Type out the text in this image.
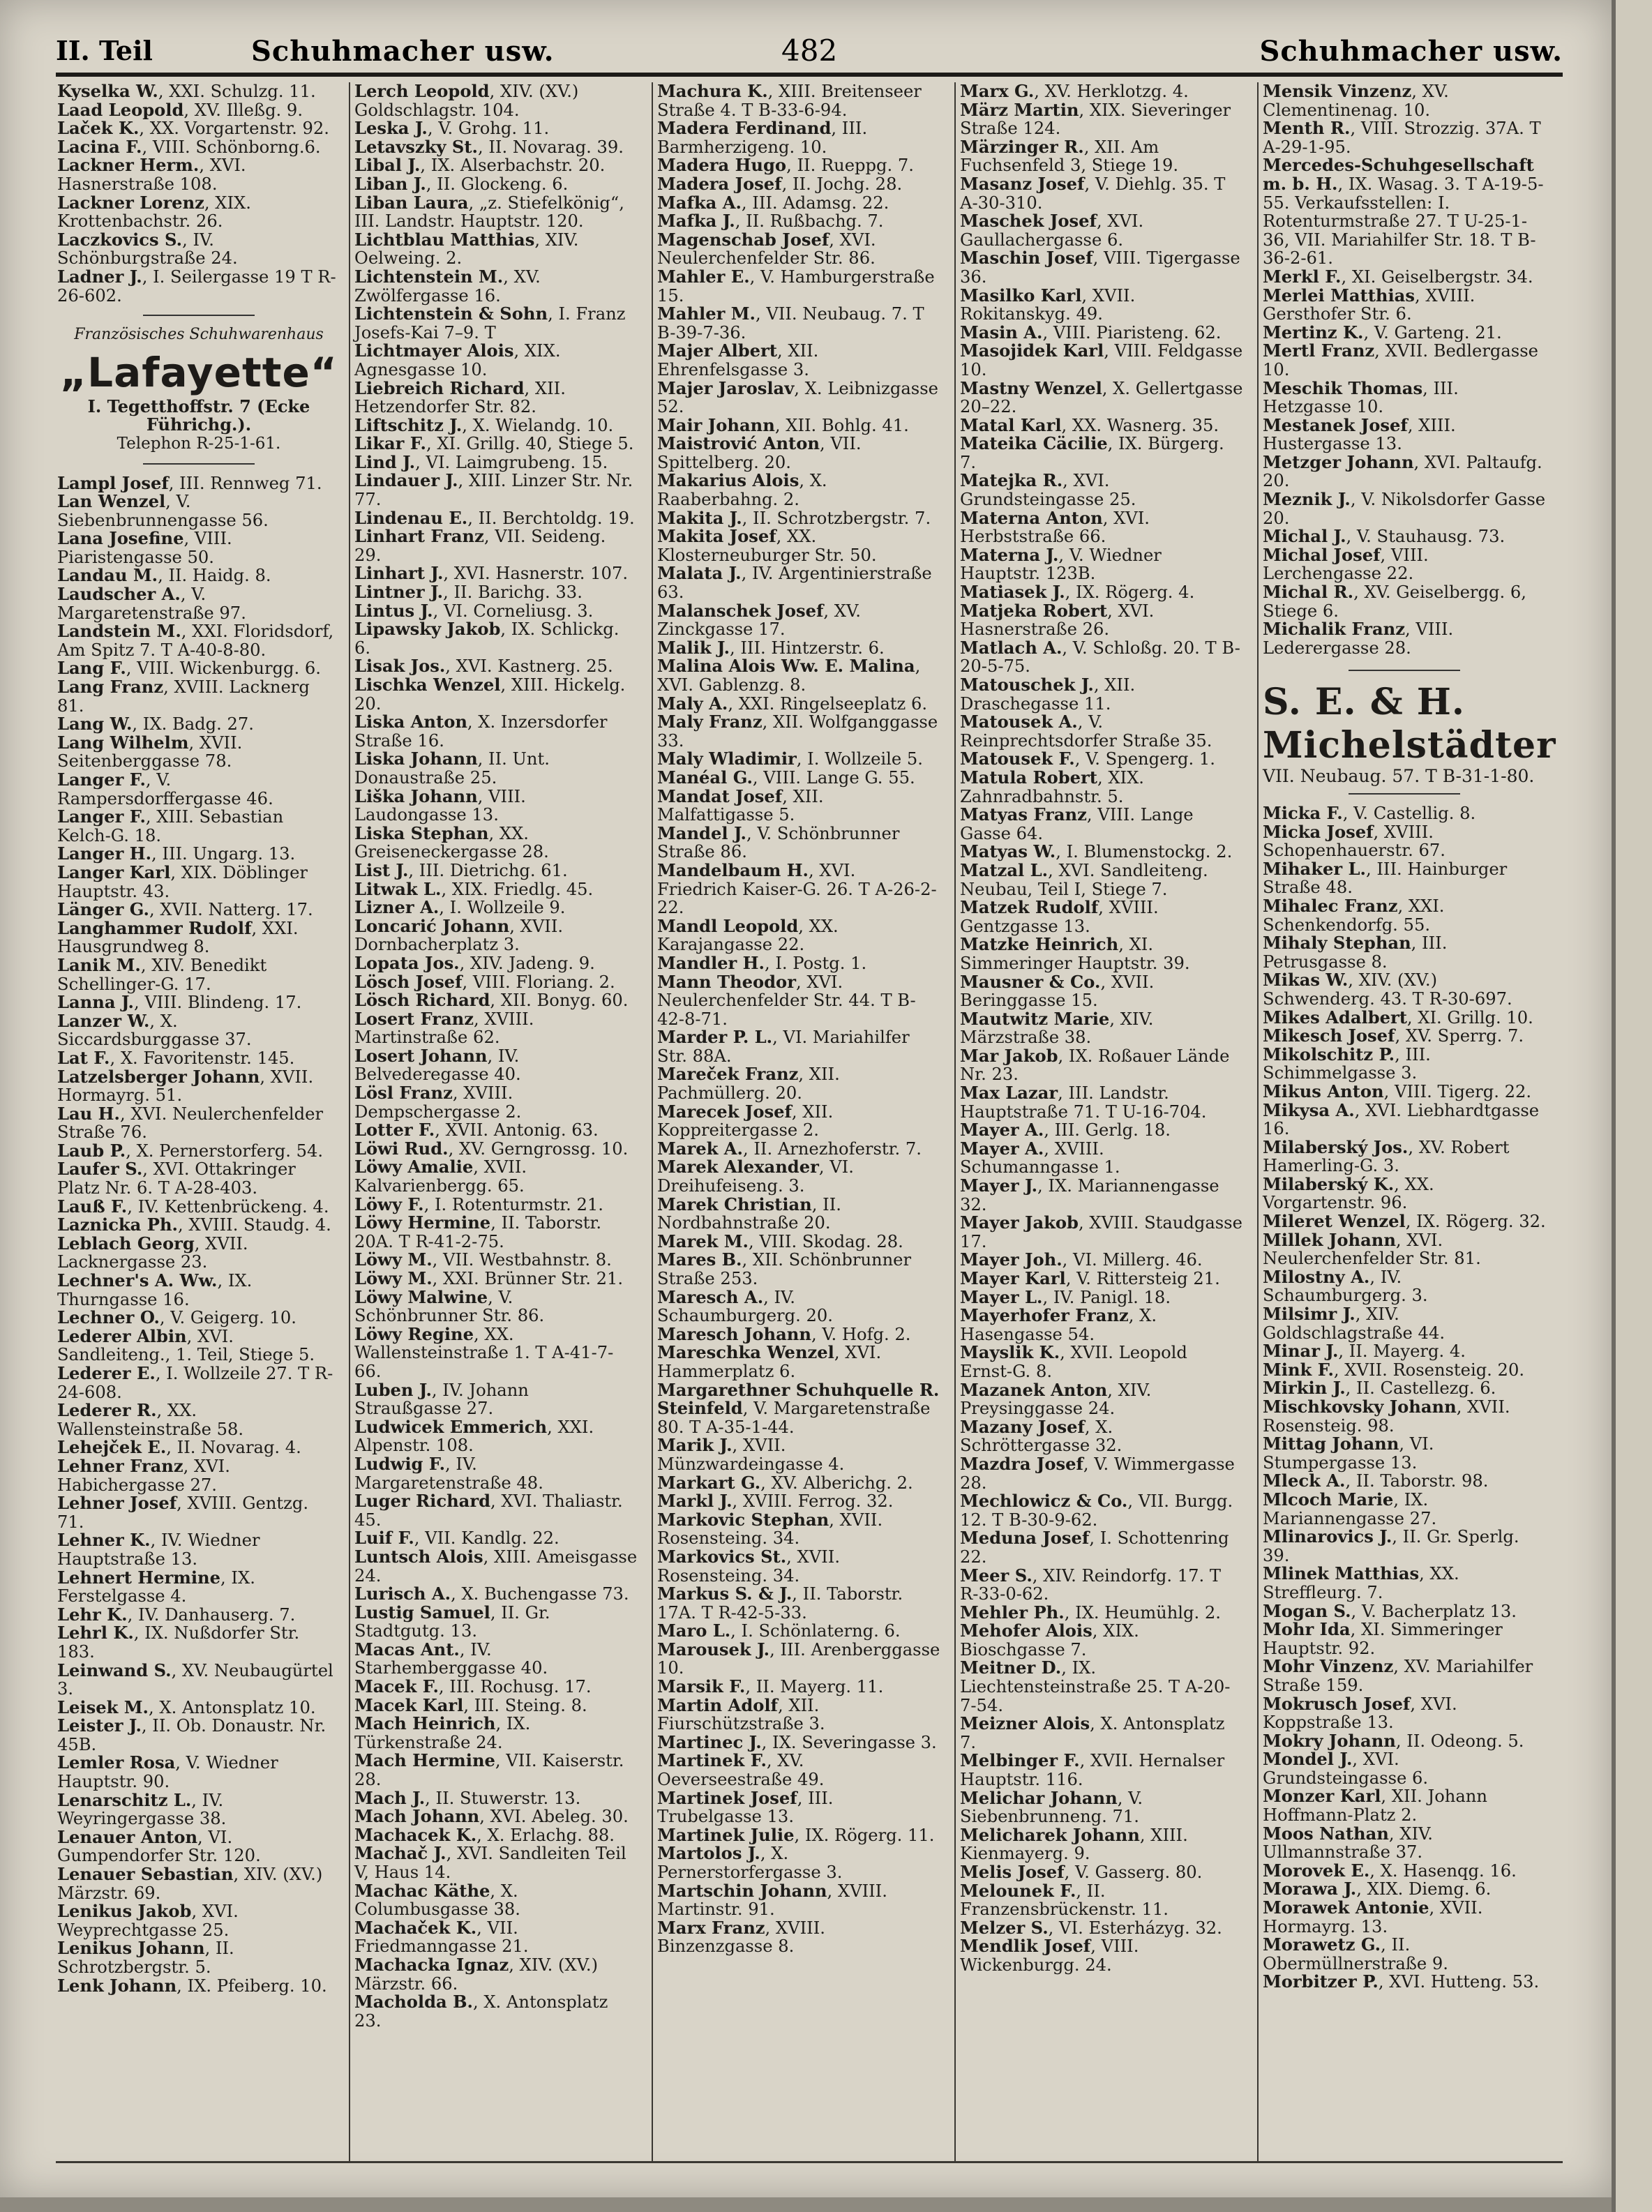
II. Teil	Schuhmacher usw.	482	Schuhmacher usw.
Kyselka W., XXI. Schulzg. 11.
Laad Leopold, XV. Illeßg. 9.
Laček K., XX. Vorgartenstr. 92.
Lacina F., VIII. Schönborng.6.
Lackner Herm., XVI. Hasnerstraße 108.
Lackner Lorenz, XIX. Krottenbachstr. 26.
Laczkovics S., IV. Schönburgstraße 24.
Ladner J., I. Seilergasse 19 T R-26-602.
Französisches Schuhwarenhaus
„Lafayette“
I. Tegetthoffstr. 7 (Ecke Führichg.).
Telephon R-25-1-61.
Lampl Josef, III. Rennweg 71.
Lan Wenzel, V. Siebenbrunnengasse 56.
Lana Josefine, VIII. Piaristengasse 50.
Landau M., II. Haidg. 8.
Laudscher A., V. Margaretenstraße 97.
Landstein M., XXI. Floridsdorf, Am Spitz 7. T A-40-8-80.
Lang F., VIII. Wickenburgg. 6.
Lang Franz, XVIII. Lacknerg 81.
Lang W., IX. Badg. 27.
Lang Wilhelm, XVII. Seitenberggasse 78.
Langer F., V. Rampersdorffergasse 46.
Langer F., XIII. Sebastian Kelch-G. 18.
Langer H., III. Ungarg. 13.
Langer Karl, XIX. Döblinger Hauptstr. 43.
Länger G., XVII. Natterg. 17.
Langhammer Rudolf, XXI. Hausgrundweg 8.
Lanik M., XIV. Benedikt Schellinger-G. 17.
Lanna J., VIII. Blindeng. 17.
Lanzer W., X. Siccardsburggasse 37.
Lat F., X. Favoritenstr. 145.
Latzelsberger Johann, XVII. Hormayrg. 51.
Lau H., XVI. Neulerchenfelder Straße 76.
Laub P., X. Pernerstorferg. 54.
Laufer S., XVI. Ottakringer Platz Nr. 6. T A-28-403.
Lauß F., IV. Kettenbrückeng. 4.
Laznicka Ph., XVIII. Staudg. 4.
Leblach Georg, XVII. Lacknergasse 23.
Lechner's A. Ww., IX. Thurngasse 16.
Lechner O., V. Geigerg. 10.
Lederer Albin, XVI. Sandleiteng., 1. Teil, Stiege 5.
Lederer E., I. Wollzeile 27. T R-24-608.
Lederer R., XX. Wallensteinstraße 58.
Lehejček E., II. Novarag. 4.
Lehner Franz, XVI. Habichergasse 27.
Lehner Josef, XVIII. Gentzg. 71.
Lehner K., IV. Wiedner Hauptstraße 13.
Lehnert Hermine, IX. Ferstelgasse 4.
Lehr K., IV. Danhauserg. 7.
Lehrl K., IX. Nußdorfer Str. 183.
Leinwand S., XV. Neubaugürtel 3.
Leisek M., X. Antonsplatz 10.
Leister J., II. Ob. Donaustr. Nr. 45B.
Lemler Rosa, V. Wiedner Hauptstr. 90.
Lenarschitz L., IV. Weyringergasse 38.
Lenauer Anton, VI. Gumpendorfer Str. 120.
Lenauer Sebastian, XIV. (XV.) Märzstr. 69.
Lenikus Jakob, XVI. Weyprechtgasse 25.
Lenikus Johann, II. Schrotzbergstr. 5.
Lenk Johann, IX. Pfeiberg. 10.
Lerch Leopold, XIV. (XV.) Goldschlagstr. 104.
Leska J., V. Grohg. 11.
Letavszky St., II. Novarag. 39.
Libal J., IX. Alserbachstr. 20.
Liban J., II. Glockeng. 6.
Liban Laura, „z. Stiefelkönig“, III. Landstr. Hauptstr. 120.
Lichtblau Matthias, XIV. Oelweing. 2.
Lichtenstein M., XV. Zwölfergasse 16.
Lichtenstein & Sohn, I. Franz Josefs-Kai 7–9. T
Lichtmayer Alois, XIX. Agnesgasse 10.
Liebreich Richard, XII. Hetzendorfer Str. 82.
Liftschitz J., X. Wielandg. 10.
Likar F., XI. Grillg. 40, Stiege 5.
Lind J., VI. Laimgrubeng. 15.
Lindauer J., XIII. Linzer Str. Nr. 77.
Lindenau E., II. Berchtoldg. 19.
Linhart Franz, VII. Seideng. 29.
Linhart J., XVI. Hasnerstr. 107.
Lintner J., II. Barichg. 33.
Lintus J., VI. Corneliusg. 3.
Lipawsky Jakob, IX. Schlickg. 6.
Lisak Jos., XVI. Kastnerg. 25.
Lischka Wenzel, XIII. Hickelg. 20.
Liska Anton, X. Inzersdorfer Straße 16.
Liska Johann, II. Unt. Donaustraße 25.
Liška Johann, VIII. Laudongasse 13.
Liska Stephan, XX. Greiseneckergasse 28.
List J., III. Dietrichg. 61.
Litwak L., XIX. Friedlg. 45.
Lizner A., I. Wollzeile 9.
Loncarić Johann, XVII. Dornbacherplatz 3.
Lopata Jos., XIV. Jadeng. 9.
Lösch Josef, VIII. Floriang. 2.
Lösch Richard, XII. Bonyg. 60.
Losert Franz, XVIII. Martinstraße 62.
Losert Johann, IV. Belvederegasse 40.
Lösl Franz, XVIII. Dempschergasse 2.
Lotter F., XVII. Antonig. 63.
Löwi Rud., XV. Gerngrossg. 10.
Löwy Amalie, XVII. Kalvarienbergg. 65.
Löwy F., I. Rotenturmstr. 21.
Löwy Hermine, II. Taborstr. 20A. T R-41-2-75.
Löwy M., VII. Westbahnstr. 8.
Löwy M., XXI. Brünner Str. 21.
Löwy Malwine, V. Schönbrunner Str. 86.
Löwy Regine, XX. Wallensteinstraße 1. T A-41-7-66.
Luben J., IV. Johann Straußgasse 27.
Ludwicek Emmerich, XXI. Alpenstr. 108.
Ludwig F., IV. Margaretenstraße 48.
Luger Richard, XVI. Thaliastr. 45.
Luif F., VII. Kandlg. 22.
Luntsch Alois, XIII. Ameisgasse 24.
Lurisch A., X. Buchengasse 73.
Lustig Samuel, II. Gr. Stadtgutg. 13.
Macas Ant., IV. Starhemberggasse 40.
Macek F., III. Rochusg. 17.
Macek Karl, III. Steing. 8.
Mach Heinrich, IX. Türkenstraße 24.
Mach Hermine, VII. Kaiserstr. 28.
Mach J., II. Stuwerstr. 13.
Mach Johann, XVI. Abeleg. 30.
Machacek K., X. Erlachg. 88.
Machač J., XVI. Sandleiten Teil V, Haus 14.
Machac Käthe, X. Columbusgasse 38.
Machaček K., VII. Friedmanngasse 21.
Machacka Ignaz, XIV. (XV.) Märzstr. 66.
Macholda B., X. Antonsplatz 23.
Machura K., XIII. Breitenseer Straße 4. T B-33-6-94.
Madera Ferdinand, III. Barmherzigeng. 10.
Madera Hugo, II. Rueppg. 7.
Madera Josef, II. Jochg. 28.
Mafka A., III. Adamsg. 22.
Mafka J., II. Rußbachg. 7.
Magenschab Josef, XVI. Neulerchenfelder Str. 86.
Mahler E., V. Hamburgerstraße 15.
Mahler M., VII. Neubaug. 7. T B-39-7-36.
Majer Albert, XII. Ehrenfelsgasse 3.
Majer Jaroslav, X. Leibnizgasse 52.
Mair Johann, XII. Bohlg. 41.
Maistrović Anton, VII. Spittelberg. 20.
Makarius Alois, X. Raaberbahng. 2.
Makita J., II. Schrotzbergstr. 7.
Makita Josef, XX. Klosterneuburger Str. 50.
Malata J., IV. Argentinierstraße 63.
Malanschek Josef, XV. Zinckgasse 17.
Malik J., III. Hintzerstr. 6.
Malina Alois Ww. E. Malina, XVI. Gablenzg. 8.
Maly A., XXI. Ringelseeplatz 6.
Maly Franz, XII. Wolfganggasse 33.
Maly Wladimir, I. Wollzeile 5.
Manéal G., VIII. Lange G. 55.
Mandat Josef, XII. Malfattigasse 5.
Mandel J., V. Schönbrunner Straße 86.
Mandelbaum H., XVI. Friedrich Kaiser-G. 26. T A-26-2-22.
Mandl Leopold, XX. Karajangasse 22.
Mandler H., I. Postg. 1.
Mann Theodor, XVI. Neulerchenfelder Str. 44. T B-42-8-71.
Marder P. L., VI. Mariahilfer Str. 88A.
Mareček Franz, XII. Pachmüllerg. 20.
Marecek Josef, XII. Koppreitergasse 2.
Marek A., II. Arnezhoferstr. 7.
Marek Alexander, VI. Dreihufeiseng. 3.
Marek Christian, II. Nordbahnstraße 20.
Marek M., VIII. Skodag. 28.
Mares B., XII. Schönbrunner Straße 253.
Maresch A., IV. Schaumburgerg. 20.
Maresch Johann, V. Hofg. 2.
Mareschka Wenzel, XVI. Hammerplatz 6.
Margarethner Schuhquelle R. Steinfeld, V. Margaretenstraße 80. T A-35-1-44.
Marik J., XVII. Münzwardeingasse 4.
Markart G., XV. Alberichg. 2.
Markl J., XVIII. Ferrog. 32.
Markovic Stephan, XVII. Rosensteing. 34.
Markovics St., XVII. Rosensteing. 34.
Markus S. & J., II. Taborstr. 17A. T R-42-5-33.
Maro L., I. Schönlaterng. 6.
Marousek J., III. Arenberggasse 10.
Marsik F., II. Mayerg. 11.
Martin Adolf, XII. Fiurschützstraße 3.
Martinec J., IX. Severingasse 3.
Martinek F., XV. Oeverseestraße 49.
Martinek Josef, III. Trubelgasse 13.
Martinek Julie, IX. Rögerg. 11.
Martolos J., X. Pernerstorfergasse 3.
Martschin Johann, XVIII. Martinstr. 91.
Marx Franz, XVIII. Binzenzgasse 8.
Marx G., XV. Herklotzg. 4.
März Martin, XIX. Sieveringer Straße 124.
Märzinger R., XII. Am Fuchsenfeld 3, Stiege 19.
Masanz Josef, V. Diehlg. 35. T A-30-310.
Maschek Josef, XVI. Gaullachergasse 6.
Maschin Josef, VIII. Tigergasse 36.
Masilko Karl, XVII. Rokitanskyg. 49.
Masin A., VIII. Piaristeng. 62.
Masojidek Karl, VIII. Feldgasse 10.
Mastny Wenzel, X. Gellertgasse 20–22.
Matal Karl, XX. Wasnerg. 35.
Mateika Cäcilie, IX. Bürgerg. 7.
Matejka R., XVI. Grundsteingasse 25.
Materna Anton, XVI. Herbststraße 66.
Materna J., V. Wiedner Hauptstr. 123B.
Matiasek J., IX. Rögerg. 4.
Matjeka Robert, XVI. Hasnerstraße 26.
Matlach A., V. Schloßg. 20. T B-20-5-75.
Matouschek J., XII. Draschegasse 11.
Matousek A., V. Reinprechtsdorfer Straße 35.
Matousek F., V. Spengerg. 1.
Matula Robert, XIX. Zahnradbahnstr. 5.
Matyas Franz, VIII. Lange Gasse 64.
Matyas W., I. Blumenstockg. 2.
Matzal L., XVI. Sandleiteng. Neubau, Teil I, Stiege 7.
Matzek Rudolf, XVIII. Gentzgasse 13.
Matzke Heinrich, XI. Simmeringer Hauptstr. 39.
Mausner & Co., XVII. Beringgasse 15.
Mautwitz Marie, XIV. Märzstraße 38.
Mar Jakob, IX. Roßauer Lände Nr. 23.
Max Lazar, III. Landstr. Hauptstraße 71. T U-16-704.
Mayer A., III. Gerlg. 18.
Mayer A., XVIII. Schumanngasse 1.
Mayer J., IX. Mariannengasse 32.
Mayer Jakob, XVIII. Staudgasse 17.
Mayer Joh., VI. Millerg. 46.
Mayer Karl, V. Rittersteig 21.
Mayer L., IV. Panigl. 18.
Mayerhofer Franz, X. Hasengasse 54.
Mayslik K., XVII. Leopold Ernst-G. 8.
Mazanek Anton, XIV. Preysinggasse 24.
Mazany Josef, X. Schröttergasse 32.
Mazdra Josef, V. Wimmergasse 28.
Mechlowicz & Co., VII. Burgg. 12. T B-30-9-62.
Meduna Josef, I. Schottenring 22.
Meer S., XIV. Reindorfg. 17. T R-33-0-62.
Mehler Ph., IX. Heumühlg. 2.
Mehofer Alois, XIX. Bioschgasse 7.
Meitner D., IX. Liechtensteinstraße 25. T A-20-7-54.
Meizner Alois, X. Antonsplatz 7.
Melbinger F., XVII. Hernalser Hauptstr. 116.
Melichar Johann, V. Siebenbrunneng. 71.
Melicharek Johann, XIII. Kienmayerg. 9.
Melis Josef, V. Gasserg. 80.
Melounek F., II. Franzensbrückenstr. 11.
Melzer S., VI. Esterházyg. 32.
Mendlik Josef, VIII. Wickenburgg. 24.
Mensik Vinzenz, XV. Clementinenag. 10.
Menth R., VIII. Strozzig. 37A. T A-29-1-95.
Mercedes-Schuhgesellschaft m. b. H., IX. Wasag. 3. T A-19-5-55. Verkaufsstellen: I. Rotenturmstraße 27. T U-25-1-36, VII. Mariahilfer Str. 18. T B-36-2-61.
Merkl F., XI. Geiselbergstr. 34.
Merlei Matthias, XVIII. Gersthofer Str. 6.
Mertinz K., V. Garteng. 21.
Mertl Franz, XVII. Bedlergasse 10.
Meschik Thomas, III. Hetzgasse 10.
Mestanek Josef, XIII. Hustergasse 13.
Metzger Johann, XVI. Paltaufg. 20.
Meznik J., V. Nikolsdorfer Gasse 20.
Michal J., V. Stauhausg. 73.
Michal Josef, VIII. Lerchengasse 22.
Michal R., XV. Geiselbergg. 6, Stiege 6.
Michalik Franz, VIII. Lederergasse 28.
S. E. & H. Michelstädter
VII. Neubaug. 57. T B-31-1-80.
Micka F., V. Castellig. 8.
Micka Josef, XVIII. Schopenhauerstr. 67.
Mihaker L., III. Hainburger Straße 48.
Mihalec Franz, XXI. Schenkendorfg. 55.
Mihaly Stephan, III. Petrusgasse 8.
Mikas W., XIV. (XV.) Schwenderg. 43. T R-30-697.
Mikes Adalbert, XI. Grillg. 10.
Mikesch Josef, XV. Sperrg. 7.
Mikolschitz P., III. Schimmelgasse 3.
Mikus Anton, VIII. Tigerg. 22.
Mikysa A., XVI. Liebhardtgasse 16.
Milaberský Jos., XV. Robert Hamerling-G. 3.
Milaberský K., XX. Vorgartenstr. 96.
Mileret Wenzel, IX. Rögerg. 32.
Millek Johann, XVI. Neulerchenfelder Str. 81.
Milostny A., IV. Schaumburgerg. 3.
Milsimr J., XIV. Goldschlagstraße 44.
Minar J., II. Mayerg. 4.
Mink F., XVII. Rosensteig. 20.
Mirkin J., II. Castellezg. 6.
Mischkovsky Johann, XVII. Rosensteig. 98.
Mittag Johann, VI. Stumpergasse 13.
Mleck A., II. Taborstr. 98.
Mlcoch Marie, IX. Mariannengasse 27.
Mlinarovics J., II. Gr. Sperlg. 39.
Mlinek Matthias, XX. Streffleurg. 7.
Mogan S., V. Bacherplatz 13.
Mohr Ida, XI. Simmeringer Hauptstr. 92.
Mohr Vinzenz, XV. Mariahilfer Straße 159.
Mokrusch Josef, XVI. Koppstraße 13.
Mokry Johann, II. Odeong. 5.
Mondel J., XVI. Grundsteingasse 6.
Monzer Karl, XII. Johann Hoffmann-Platz 2.
Moos Nathan, XIV. Ullmannstraße 37.
Morovek E., X. Hasenqg. 16.
Morawa J., XIX. Diemg. 6.
Morawek Antonie, XVII. Hormayrg. 13.
Morawetz G., II. Obermüllnerstraße 9.
Morbitzer P., XVI. Hutteng. 53.
